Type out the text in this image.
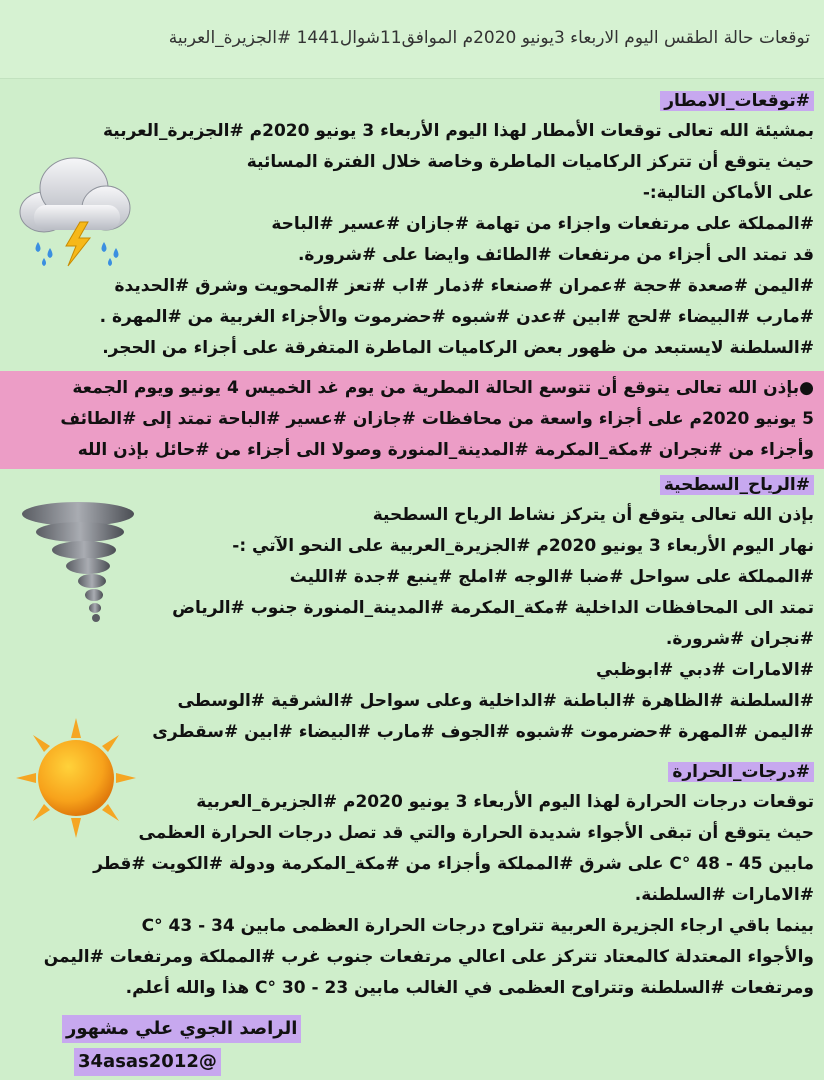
توقعات حالة الطقس اليوم الاربعاء 3يونيو 2020م الموافق11شوال1441 #الجزيرة_العربية
#توقعات_الامطار
بمشيئة الله تعالى توقعات الأمطار لهذا اليوم الأربعاء 3 يونيو 2020م #الجزيرة_العربية
حيث يتوقع أن تتركز الركاميات الماطرة وخاصة خلال الفترة المسائية
على الأماكن التالية:-
#المملكة على مرتفعات واجزاء من تهامة #جازان #عسير #الباحة
قد تمتد الى أجزاء من مرتفعات #الطائف وايضا على #شرورة.
#اليمن #صعدة #حجة #عمران #صنعاء #ذمار #اب #تعز #المحويت وشرق #الحديدة
#مارب #البيضاء #لحج #ابين #عدن #شبوه #حضرموت والأجزاء الغربية من #المهرة .
#السلطنة لايستبعد من ظهور بعض الركاميات الماطرة المتفرقة على أجزاء من الحجر.
●بإذن الله تعالى يتوقع أن تتوسع الحالة المطرية من يوم غد الخميس 4 يونيو ويوم الجمعة
5 يونيو 2020م على أجزاء واسعة من محافظات #جازان #عسير #الباحة تمتد إلى #الطائف
وأجزاء من #نجران #مكة_المكرمة #المدينة_المنورة وصولا الى أجزاء من #حائل بإذن الله
#الرياح_السطحية
بإذن الله تعالى يتوقع أن يتركز نشاط الرياح السطحية
نهار اليوم الأربعاء 3 يونيو 2020م #الجزيرة_العربية على النحو الآتي :-
#المملكة على سواحل #ضبا #الوجه #املج #ينبع #جدة #الليث
تمتد الى المحافظات الداخلية #مكة_المكرمة #المدينة_المنورة جنوب #الرياض
#نجران #شرورة.
#الامارات #دبي #ابوظبي
#السلطنة #الظاهرة #الباطنة #الداخلية وعلى سواحل #الشرقية #الوسطى
#اليمن #المهرة #حضرموت #شبوه #الجوف #مارب #البيضاء #ابين #سقطرى
#درجات_الحرارة
توقعات درجات الحرارة لهذا اليوم الأربعاء 3 يونيو 2020م #الجزيرة_العربية
حيث يتوقع أن تبقى الأجواء شديدة الحرارة والتي قد تصل درجات الحرارة العظمى
مابين 45 - 48 °C على شرق #المملكة وأجزاء من #مكة_المكرمة ودولة #الكويت #قطر
#الامارات #السلطنة.
بينما باقي ارجاء الجزيرة العربية تتراوح درجات الحرارة العظمى مابين 34 - 43 °C
والأجواء المعتدلة كالمعتاد تتركز على اعالي مرتفعات جنوب غرب #المملكة ومرتفعات #اليمن
ومرتفعات #السلطنة وتتراوح العظمى في الغالب مابين 23 - 30 °C هذا والله أعلم.
الراصد الجوي علي مشهور
@34asas2012
